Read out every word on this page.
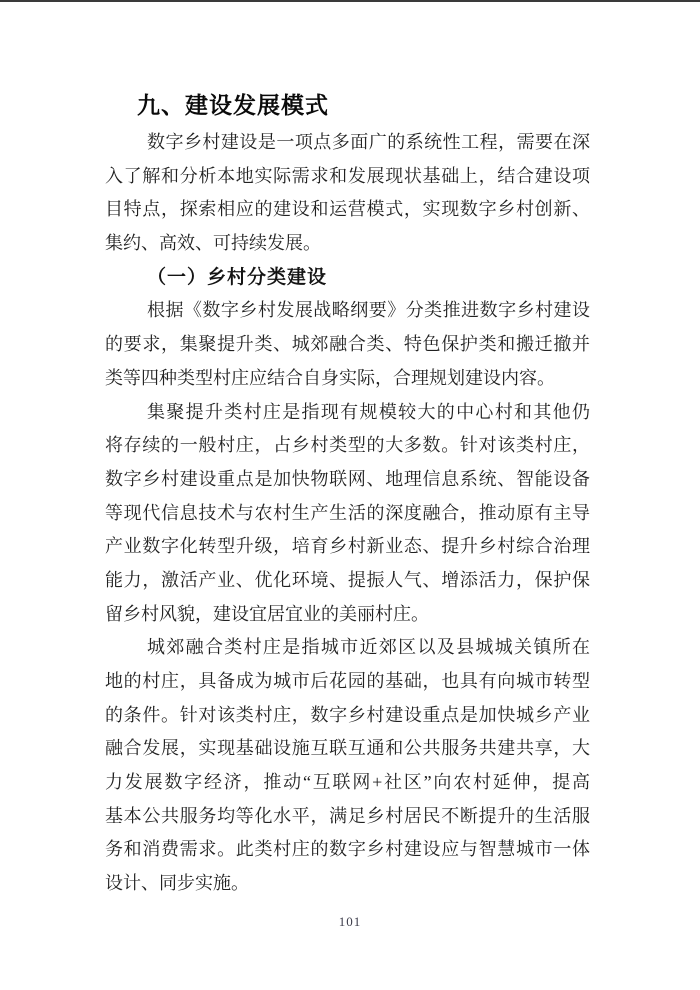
九、建设发展模式
数字乡村建设是一项点多面广的系统性工程，需要在深
入了解和分析本地实际需求和发展现状基础上，结合建设项
目特点，探索相应的建设和运营模式，实现数字乡村创新、
集约、高效、可持续发展。
（一）乡村分类建设
根据《数字乡村发展战略纲要》分类推进数字乡村建设
的要求，集聚提升类、城郊融合类、特色保护类和搬迁撤并
类等四种类型村庄应结合自身实际，合理规划建设内容。
集聚提升类村庄是指现有规模较大的中心村和其他仍
将存续的一般村庄，占乡村类型的大多数。针对该类村庄，
数字乡村建设重点是加快物联网、地理信息系统、智能设备
等现代信息技术与农村生产生活的深度融合，推动原有主导
产业数字化转型升级，培育乡村新业态、提升乡村综合治理
能力，激活产业、优化环境、提振人气、增添活力，保护保
留乡村风貌，建设宜居宜业的美丽村庄。
城郊融合类村庄是指城市近郊区以及县城城关镇所在
地的村庄，具备成为城市后花园的基础，也具有向城市转型
的条件。针对该类村庄，数字乡村建设重点是加快城乡产业
融合发展，实现基础设施互联互通和公共服务共建共享，大
力发展数字经济，推动“互联网+社区”向农村延伸，提高
基本公共服务均等化水平，满足乡村居民不断提升的生活服
务和消费需求。此类村庄的数字乡村建设应与智慧城市一体
设计、同步实施。
101
